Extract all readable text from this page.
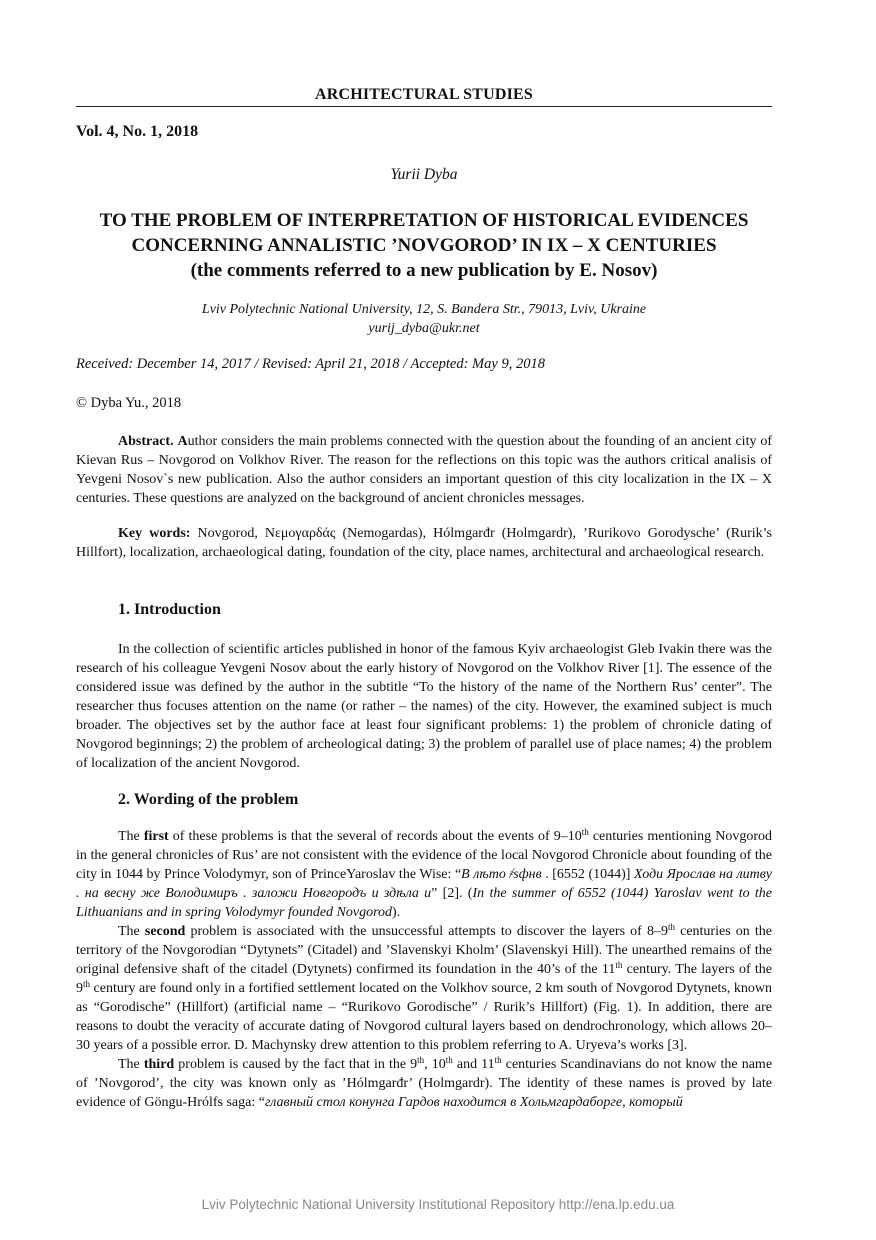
ARCHITECTURAL STUDIES
Vol. 4, No. 1, 2018
Yurii Dyba
TO THE PROBLEM OF INTERPRETATION OF HISTORICAL EVIDENCES
CONCERNING ANNALISTIC ’NOVGOROD’ IN IX – X CENTURIES
(the comments referred to a new publication by E. Nosov)
Lviv Polytechnic National University, 12, S. Bandera Str., 79013, Lviv, Ukraine
yurij_dyba@ukr.net
Received: December 14, 2017 / Revised: April 21, 2018 / Accepted: May 9, 2018
© Dyba Yu., 2018
Abstract. Author considers the main problems connected with the question about the founding of an ancient city of Kievan Rus – Novgorod on Volkhov River. The reason for the reflections on this topic was the authors critical analisis of Yevgeni Nosov`s new publication. Also the author considers an important question of this city localization in the IX – X centuries. These questions are analyzed on the background of ancient chronicles messages.
Key words: Novgorod, Νεμογαρδάς (Nemogardas), Hólmgarđr (Holmgardr), ’Rurikovo Gorodysche’ (Rurik’s Hillfort), localization, archaeological dating, foundation of the city, place names, architectural and archaeological research.
1. Introduction
In the collection of scientific articles published in honor of the famous Kyiv archaeologist Gleb Ivakin there was the research of his colleague Yevgeni Nosov about the early history of Novgorod on the Volkhov River [1]. The essence of the considered issue was defined by the author in the subtitle “To the history of the name of the Northern Rus’ center”. The researcher thus focuses attention on the name (or rather – the names) of the city. However, the examined subject is much broader. The objectives set by the author face at least four significant problems: 1) the problem of chronicle dating of Novgorod beginnings; 2) the problem of archeological dating; 3) the problem of parallel use of place names; 4) the problem of localization of the ancient Novgorod.
2. Wording of the problem
The first of these problems is that the several of records about the events of 9–10th centuries mentioning Novgorod in the general chronicles of Rus’ are not consistent with the evidence of the local Novgorod Chronicle about founding of the city in 1044 by Prince Volodymyr, son of PrinceYaroslav the Wise: “В лѣто ҂sфнв . [6552 (1044)] Ходи Ярослав на литву . на весну же Володимиръ . заложи Новгородъ и здѣла и” [2]. (In the summer of 6552 (1044) Yaroslav went to the Lithuanians and in spring Volodymyr founded Novgorod).
The second problem is associated with the unsuccessful attempts to discover the layers of 8–9th centuries on the territory of the Novgorodian “Dytynets” (Citadel) and ’Slavenskyi Kholm’ (Slavenskyi Hill). The unearthed remains of the original defensive shaft of the citadel (Dytynets) confirmed its foundation in the 40’s of the 11th century. The layers of the 9th century are found only in a fortified settlement located on the Volkhov source, 2 km south of Novgorod Dytynets, known as “Gorodische” (Hillfort) (artificial name – “Rurikovo Gorodische” / Rurik’s Hillfort) (Fig. 1). In addition, there are reasons to doubt the veracity of accurate dating of Novgorod cultural layers based on dendrochronology, which allows 20–30 years of a possible error. D. Machynsky drew attention to this problem referring to A. Uryeva’s works [3].
The third problem is caused by the fact that in the 9th, 10th and 11th centuries Scandinavians do not know the name of ’Novgorod’, the city was known only as ’Hólmgarđr’ (Holmgardr). The identity of these names is proved by late evidence of Göngu-Hrólfs saga: “главный стол конунга Гардов находится в Хольмгардаборге, который
Lviv Polytechnic National University Institutional Repository http://ena.lp.edu.ua
